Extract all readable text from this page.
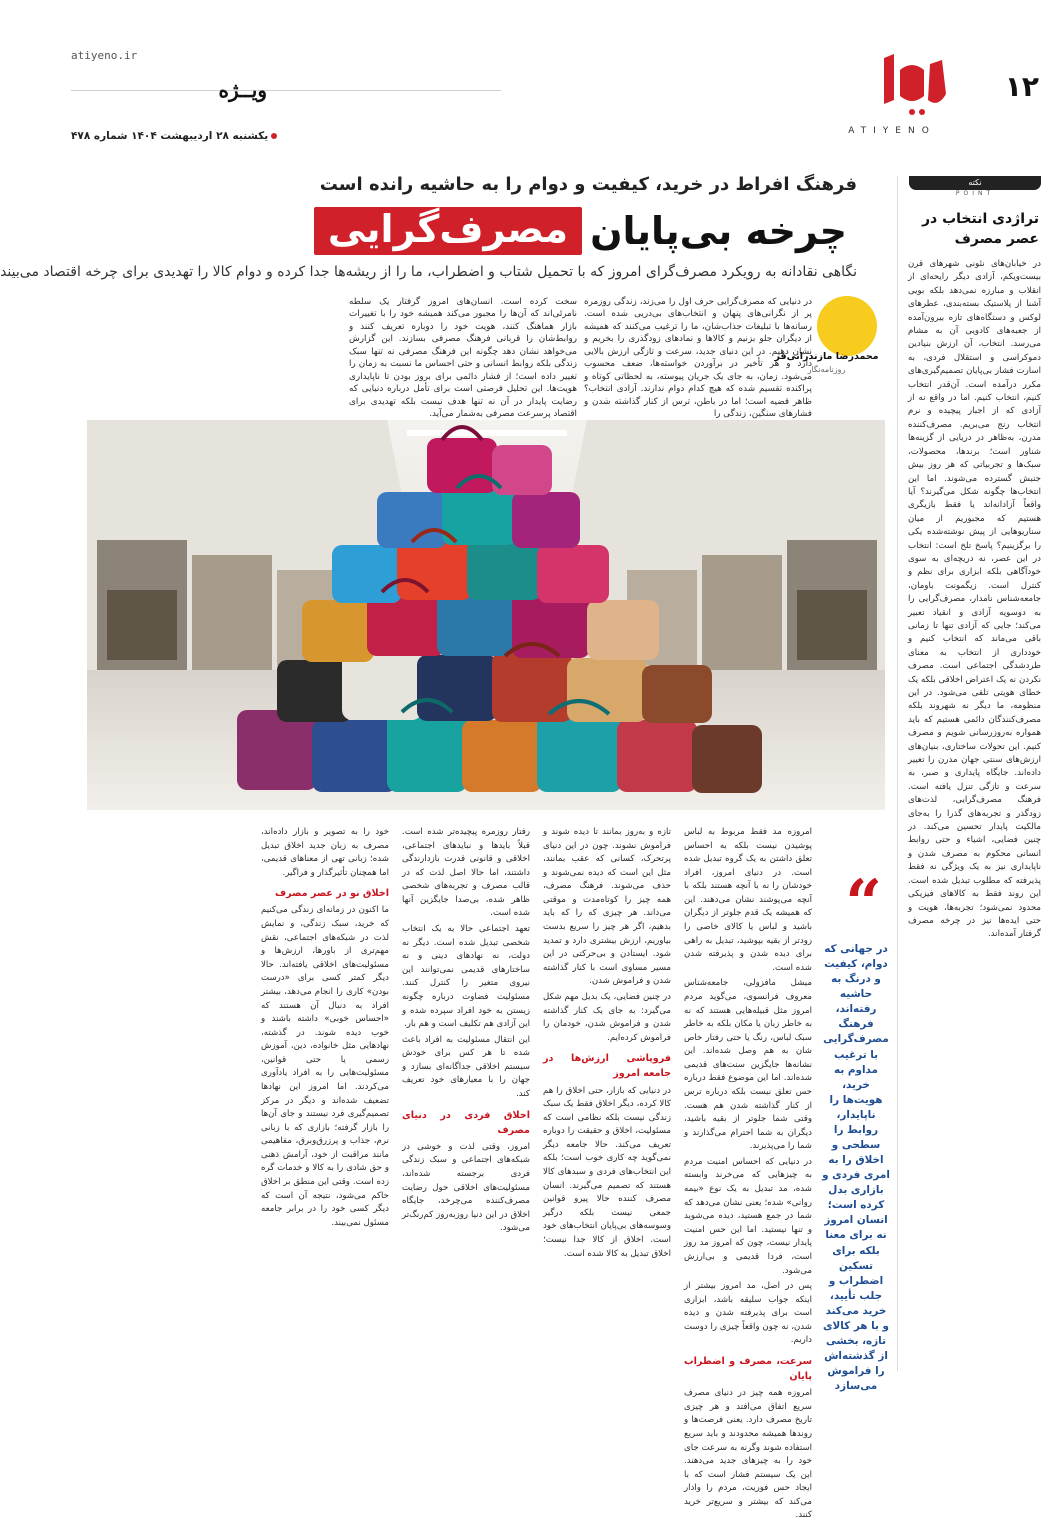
atiyeno.ir
۱۲
ویــژه
ATIYENO
یکشنبه ۲۸ اردیبهشت ۱۴۰۴ شماره ۴۷۸
فرهنگ افراط در خرید، کیفیت و دوام را به حاشیه رانده است
چرخه بی‌پایان
مصرف‌گرایی
نگاهی نقادانه به رویکرد مصرف‌گرای امروز که با تحمیل شتاب و اضطراب، ما را از ریشه‌ها جدا کرده و دوام کالا را تهدیدی برای چرخه اقتصاد می‌بیند
محمدرضا مازندرانی‌فر
روزنامه‌نگار
در دنیایی که مصرف‌گرایی حرف اول را می‌زند، زندگی روزمره پر از نگرانی‌های پنهان و انتخاب‌های بی‌دریی شده است. رسانه‌ها با تبلیغات جذاب‌شان، ما را ترغیب می‌کنند که همیشه از دیگران جلو بزنیم و کالاها و نمادهای زودگذری را بخریم و نشان دهیم. در این دنیای جدید، سرعت و تازگی ارزش بالایی دارد و هر تأخیر در برآوردن خواسته‌ها، ضعف محسوب می‌شود. زمان، به جای یک جریان پیوسته، به لحظاتی کوتاه و پراکنده تقسیم شده که هیچ کدام دوام ندارند. آزادی انتخاب؟ ظاهر قضیه است؛ اما در باطن، ترس از کنار گذاشته شدن و فشارهای سنگین، زندگی را
سخت کرده است. انسان‌های امروز گرفتار یک سلطه نامرئی‌اند که آن‌ها را مجبور می‌کند همیشه خود را با تغییرات بازار هماهنگ کنند، هویت خود را دوباره تعریف کنند و روابط‌شان را قربانی فرهنگ مصرفی بسازند. این گزارش می‌خواهد نشان دهد چگونه این فرهنگ مصرفی نه تنها سبک زندگی بلکه روابط انسانی و حتی احساس ما نسبت به زمان را تغییر داده است؛ از فشار دائمی برای بروز بودن تا ناپایداری هویت‌ها. این تحلیل فرصتی است برای تأمل درباره دنیایی که رضایت پایدار در آن نه تنها هدف نیست بلکه تهدیدی برای اقتصاد پرسرعت مصرفی به‌شمار می‌آید.
نکته
POINT
تراژدی انتخاب در عصر مصرف
در خیابان‌های نئونی شهرهای قرن بیست‌ویکم، آزادی دیگر رایحه‌ای از انقلاب و مبارزه نمی‌دهد بلکه بویی آشنا از پلاستیک بسته‌بندی، عطرهای لوکس و دستگاه‌های تازه بیرون‌آمده از جعبه‌های کادویی آن به مشام می‌رسد. انتخاب، آن ارزش بنیادین دموکراسی و استقلال فردی، به اسارت فشار بی‌پایان تصمیم‌گیری‌های مکرر درآمده است. آن‌قدر انتخاب کنیم، انتخاب کنیم. اما در واقع نه از آزادی که از اجبار پیچیده و نرم انتخاب رنج می‌بریم. مصرف‌کننده مدرن، به‌ظاهر در دریایی از گزینه‌ها شناور است؛ برندها، محصولات، سبک‌ها و تجربیاتی که هر روز بیش جنبش گسترده می‌شوند. اما این انتخاب‌ها چگونه شکل می‌گیرند؟ آیا واقعاً آزادانه‌اند یا فقط بازیگری هستیم که مجبوریم از میان سناریوهایی از پیش نوشته‌شده یکی را برگزینیم؟ پاسخ تلخ است: انتخاب در این عصر، نه دریچه‌ای به سوی خودآگاهی بلکه ابزاری برای نظم و کنترل است. زیگمونت باومان، جامعه‌شناس نامدار، مصرف‌گرایی را به دوسویه آزادی و انقیاد تعبیر می‌کند؛ جایی که آزادی تنها تا زمانی باقی می‌ماند که انتخاب کنیم و خودداری از انتخاب به معنای طردشدگی اجتماعی است. مصرف نکردن نه یک اعتراض اخلاقی بلکه یک خطای هویتی تلقی می‌شود. در این منظومه، ما دیگر نه شهروند بلکه مصرف‌کنندگان دائمی هستیم که باید همواره به‌روزرسانی شویم و مصرف کنیم. این تحولات ساختاری، بنیان‌های ارزش‌های سنتی جهان مدرن را تغییر داده‌اند. جایگاه پایداری و صبر، به سرعت و تازگی تنزل یافته است. فرهنگ مصرف‌گرایی، لذت‌های زودگذر و تجربه‌های گذرا را به‌جای مالکیت پایدار تحسین می‌کند. در چنین فضایی، اشیاء و حتی روابط انسانی محکوم به مصرف شدن و ناپایداری نیز به یک ویژگی نه فقط پذیرفته که مطلوب تبدیل شده است. این روند فقط به کالاهای فیزیکی محدود نمی‌شود؛ تجربه‌ها، هویت و حتی ایده‌ها نیز در چرخه مصرف گرفتار آمده‌اند.
“
در جهانی که دوام، کیفیت و درنگ به حاشیه رفته‌اند، فرهنگ مصرف‌گرایی با ترغیب مداوم به خرید، هویت‌ها را ناپایدار، روابط را سطحی و اخلاق را به امری فردی و بازاری بدل کرده است؛ انسان امروز نه برای معنا بلکه برای تسکین اضطراب و جلب تأیید، خرید می‌کند و با هر کالای تازه، بخشی از گذشته‌اش را فراموش می‌سازد

امروزه مد فقط مربوط به لباس پوشیدن نیست بلکه به احساس تعلق داشتن به یک گروه تبدیل شده است. در دنیای امروز، افراد خودشان را نه با آنچه هستند بلکه با آنچه می‌پوشند نشان می‌دهند. این که همیشه یک قدم جلوتر از دیگران باشید و لباس یا کالای خاصی را زودتر از بقیه بپوشید، تبدیل به راهی برای دیده شدن و پذیرفته شدن شده است.

میشل مافزولی، جامعه‌شناس معروف فرانسوی، می‌گوید مردم امروز مثل قبیله‌هایی هستند که نه به خاطر زبان یا مکان بلکه به خاطر سبک لباس، رنگ یا حتی رفتار خاص شان به هم وصل شده‌اند. این نشانه‌ها جایگزین سنت‌های قدیمی شده‌اند. اما این موضوع فقط درباره حس تعلق نیست بلکه درباره ترس از کنار گذاشته شدن هم هست. وقتی شما جلوتر از بقیه باشید، دیگران به شما احترام می‌گذارند و شما را می‌پذیرند.

در دنیایی که احساس امنیت مردم به چیزهایی که می‌خرند وابسته شده، مد تبدیل به یک نوع «بیمه روانی» شده؛ یعنی نشان می‌دهد که شما در جمع هستید، دیده می‌شوید و تنها نیستید. اما این حس امنیت پایدار نیست، چون که امروز مد روز است، فردا قدیمی و بی‌ارزش می‌شود.

پس در اصل، مد امروز بیشتر از اینکه جواب سلیقه باشد، ابزاری است برای پذیرفته شدن و دیده شدن، نه چون واقعاً چیزی را دوست داریم.

سرعت، مصرف و اضطراب پایان

امروزه همه چیز در دنیای مصرف سریع اتفاق می‌افتد و هر چیزی تاریخ مصرف دارد. یعنی فرصت‌ها و روندها همیشه محدودند و باید سریع استفاده شوند وگرنه به سرعت جای خود را به چیزهای جدید می‌دهند. این یک سیستم فشار است که با ایجاد حس فوریت، مردم را وادار می‌کند که بیشتر و سریع‌تر خرید کنند.

تازه و به‌روز بمانند تا دیده شوند و فراموش نشوند. چون در این دنیای پرتحرک، کسانی که عقب بمانند، مثل این است که دیده نمی‌شوند و حذف می‌شوند. فرهنگ مصرف، همه چیز را کوتاه‌مدت و موقتی می‌داند. هر چیزی که را که باید بدهیم، اگر هر چیز را سریع بدست بیاوریم، ارزش بیشتری دارد و تمدید شود. ایستادن و بی‌حرکتی در این مسیر مساوی است با کنار گذاشته شدن و فراموش شدن.

در چنین فضایی، یک بدیل مهم شکل می‌گیرد: به جای یک کنار گذاشته شدن و فراموش شدن، خودمان را فراموش کرده‌ایم.

فروپاشی ارزش‌ها در جامعه امروز

در دنیایی که بازار، حتی اخلاق را هم کالا کرده، دیگر اخلاق فقط یک سبک زندگی نیست بلکه نظامی است که مسئولیت، اخلاق و حقیقت را دوباره تعریف می‌کند. حالا جامعه دیگر نمی‌گوید چه کاری خوب است؛ بلکه این انتخاب‌های فردی و سبدهای کالا هستند که تصمیم می‌گیرند. انسان مصرف کننده حالا پیرو قوانین جمعی نیست بلکه درگیر وسوسه‌های بی‌پایان انتخاب‌های خود است. اخلاق از کالا جدا نیست؛ اخلاق تبدیل به کالا شده است.

رفتار روزمره پیچیده‌تر شده است. قبلاً بایدها و نبایدهای اجتماعی، اخلاقی و قانونی قدرت بازدارندگی داشتند، اما حالا اصل لذت که در قالب مصرف و تجربه‌های شخصی ظاهر شده، بی‌صدا جایگزین آنها شده است.

تعهد اجتماعی حالا به یک انتخاب شخصی تبدیل شده است. دیگر نه دولت، نه نهادهای دینی و نه ساختارهای قدیمی نمی‌توانند این نیروی متغیر را کنترل کنند. مسئولیت فضاوت درباره چگونه زیستن به خود افراد سپرده شده و این آزادی هم تکلیف است و هم بار.

این انتقال مسئولیت به افراد باعث شده تا هر کس برای خودش سیستم اخلاقی جداگانه‌ای بسازد و جهان را با معیارهای خود تعریف کند.

اخلاق فردی در دنیای مصرف

امروز، وقتی لذت و خوشی در شبکه‌های اجتماعی و سبک زندگی فردی برجسته شده‌اند، مسئولیت‌های اخلاقی حول رضایت مصرف‌کننده می‌چرخد، جایگاه اخلاق در این دنیا روزبه‌روز کم‌رنگ‌تر می‌شود.

خود را به تصویر و بازار داده‌اند، مصرف به زبان جدید اخلاق تبدیل شده؛ زبانی تهی از معناهای قدیمی، اما همچنان تأثیرگذار و فراگیر.

اخلاق نو در عصر مصرف

ما اکنون در زمانه‌ای زندگی می‌کنیم که خرید، سبک زندگی، و نمایش لذت در شبکه‌های اجتماعی، نقش مهم‌تری از باورها، ارزش‌ها و مسئولیت‌های اخلاقی یافته‌اند. حالا دیگر کمتر کسی برای «درست بودن» کاری را انجام می‌دهد، بیشتر افراد به دنبال آن هستند که «احساس خوبی» داشته باشند و خوب دیده شوند. در گذشته، نهادهایی مثل خانواده، دین، آموزش رسمی یا حتی قوانین، مسئولیت‌هایی را به افراد یادآوری می‌کردند. اما امروز این نهادها تضعیف شده‌اند و دیگر در مرکز تصمیم‌گیری فرد نیستند و جای آن‌ها را بازار گرفته؛ بازاری که با زبانی نرم، جذاب و پرزرق‌وبرق، مفاهیمی مانند مراقبت از خود، آرامش ذهنی و حق شادی را به کالا و خدمات گره زده است. وقتی این منطق بر اخلاق حاکم می‌شود، نتیجه آن است که دیگر کسی خود را در برابر جامعه مسئول نمی‌بیند.
